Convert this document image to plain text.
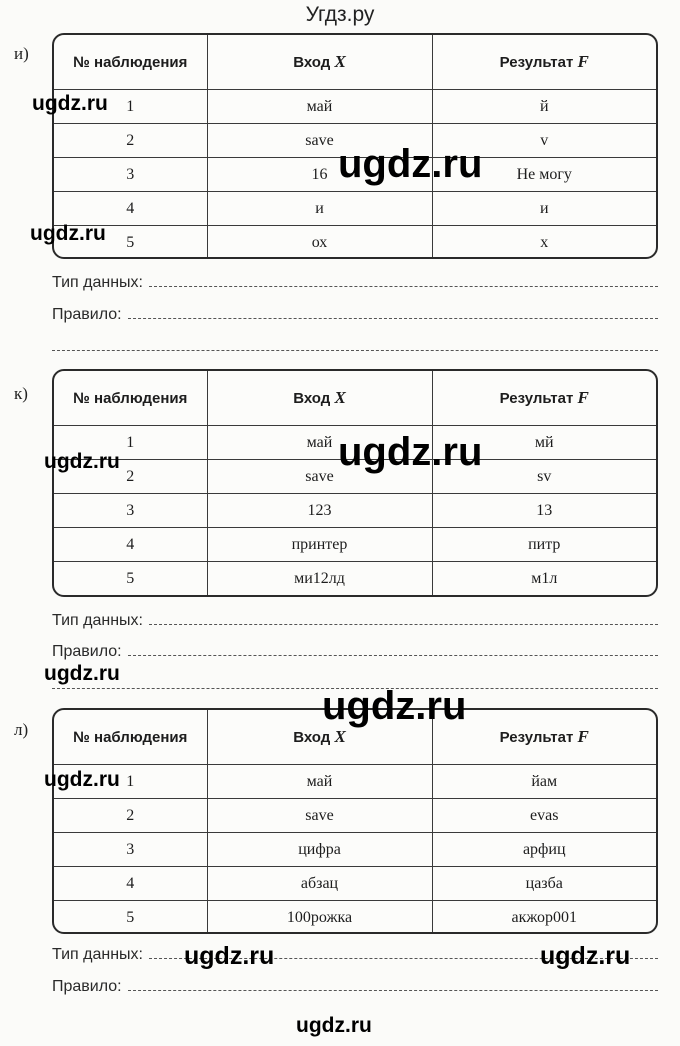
Угдз.ру
и)	№ наблюдения	Вход X	Результат F
1	май	й
2	save	v
3	16	Не могу
4	и	и
5	ох	х
Тип данных:
Правило:
к)	№ наблюдения	Вход X	Результат F
1	май	мй
2	save	sv
3	123	13
4	принтер	питр
5	ми12лд	м1л
Тип данных:
Правило:
л)	№ наблюдения	Вход X	Результат F
1	май	йам
2	save	evas
3	цифра	арфиц
4	абзац	цазба
5	100рожка	акжор001
Тип данных:
Правило:
ugdz.ru
ugdz.ru
ugdz.ru
ugdz.ru
ugdz.ru
ugdz.ru
ugdz.ru
ugdz.ru
ugdz.ru	ugdz.ru
ugdz.ru
